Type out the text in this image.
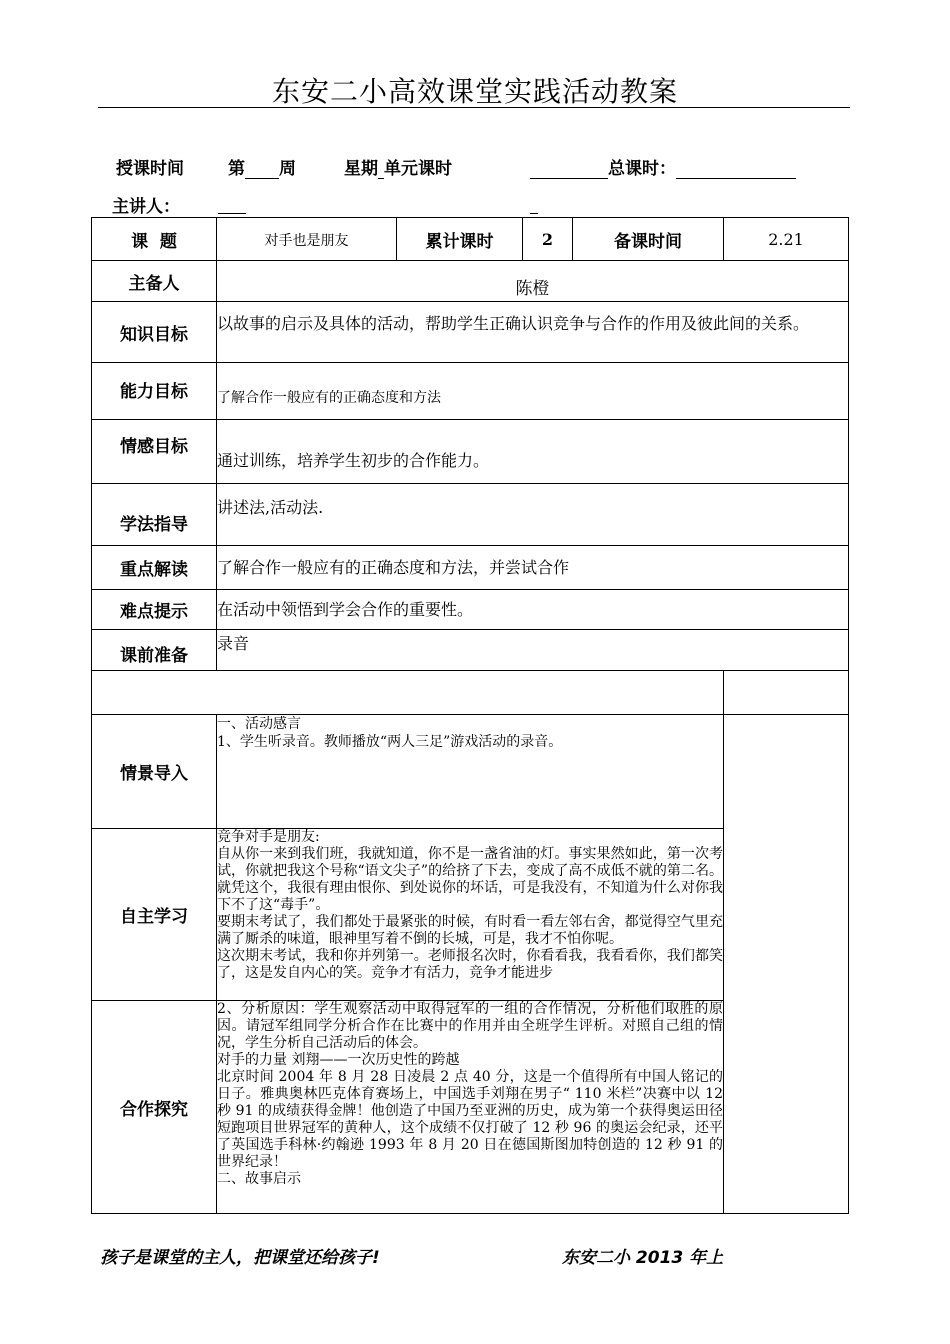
东安二小高效课堂实践活动教案
授课时间	第 周	星期 单元课时	总课时：
主讲人：
课  题	对手也是朋友	累计课时	2	备课时间	2.21
主备人	陈橙				
知识目标	以故事的启示及具体的活动，帮助学生正确认识竞争与合作的作用及彼此间的关系。				
能力目标	了解合作一般应有的正确态度和方法				
情感目标	通过训练，培养学生初步的合作能力。				
学法指导	讲述法,活动法.				
重点解读	了解合作一般应有的正确态度和方法，并尝试合作				
难点提示	在活动中领悟到学会合作的重要性。				
课前准备	录音				

情景导入	一、活动感言
1、学生听录音。教师播放“两人三足”游戏活动的录音。				

自主学习	竞争对手是朋友:
自从你一来到我们班，我就知道，你不是一盏省油的灯。事实果然如此，第一次考试，你就把我这个号称“语文尖子”的给挤了下去，变成了高不成低不就的第二名。就凭这个，我很有理由恨你、到处说你的坏话，可是我没有，不知道为什么对你我下不了这“毒手”。
要期末考试了，我们都处于最紧张的时候，有时看一看左邻右舍，都觉得空气里充满了厮杀的味道，眼神里写着不倒的长城，可是，我才不怕你呢。
这次期末考试，我和你并列第一。老师报名次时，你看看我，我看看你，我们都笑了，这是发自内心的笑。竞争才有活力，竞争才能进步				

合作探究	2、分析原因：学生观察活动中取得冠军的一组的合作情况，分析他们取胜的原因。请冠军组同学分析合作在比赛中的作用并由全班学生评析。对照自己组的情况，学生分析自己活动后的体会。
对手的力量 刘翔——一次历史性的跨越
北京时间 2004 年 8 月 28 日凌晨 2 点 40 分，这是一个值得所有中国人铭记的日子。雅典奥林匹克体育赛场上，中国选手刘翔在男子“ 110 米栏”决赛中以 12 秒 91 的成绩获得金牌！他创造了中国乃至亚洲的历史，成为第一个获得奥运田径短跑项目世界冠军的黄种人，这个成绩不仅打破了 12 秒 96 的奥运会纪录，还平了英国选手科林·约翰逊 1993 年 8 月 20 日在德国斯图加特创造的 12 秒 91 的世界纪录！
二、故事启示				
孩子是课堂的主人，把课堂还给孩子!	东安二小 2013 年上
